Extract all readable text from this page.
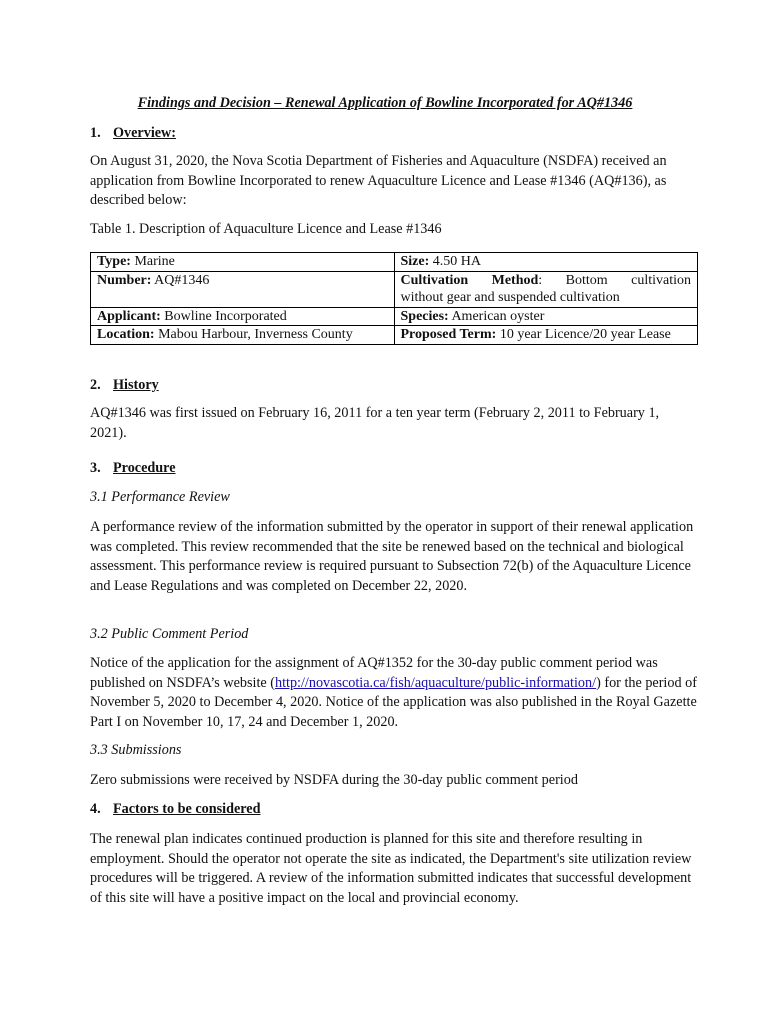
Findings and Decision – Renewal Application of Bowline Incorporated for AQ#1346
1. Overview:
On August 31, 2020, the Nova Scotia Department of Fisheries and Aquaculture (NSDFA) received an application from Bowline Incorporated to renew Aquaculture Licence and Lease #1346 (AQ#136), as described below:
Table 1. Description of Aquaculture Licence and Lease #1346
Type: Marine	Size: 4.50 HA
Number: AQ#1346	Cultivation Method: Bottom cultivation
without gear and suspended cultivation

Applicant: Bowline Incorporated	Species: American oyster
Location: Mabou Harbour, Inverness County	Proposed Term: 10 year Licence/20 year Lease
2. History
AQ#1346 was first issued on February 16, 2011 for a ten year term (February 2, 2011 to February 1, 2021).
3. Procedure
3.1 Performance Review
A performance review of the information submitted by the operator in support of their renewal application was completed. This review recommended that the site be renewed based on the technical and biological assessment. This performance review is required pursuant to Subsection 72(b) of the Aquaculture Licence and Lease Regulations and was completed on December 22, 2020.
3.2 Public Comment Period
Notice of the application for the assignment of AQ#1352 for the 30-day public comment period was published on NSDFA’s website (http://novascotia.ca/fish/aquaculture/public-information/) for the period of November 5, 2020 to December 4, 2020. Notice of the application was also published in the Royal Gazette Part I on November 10, 17, 24 and December 1, 2020.
3.3 Submissions
Zero submissions were received by NSDFA during the 30-day public comment period
4. Factors to be considered
The renewal plan indicates continued production is planned for this site and therefore resulting in employment. Should the operator not operate the site as indicated, the Department's site utilization review procedures will be triggered. A review of the information submitted indicates that successful development of this site will have a positive impact on the local and provincial economy.
